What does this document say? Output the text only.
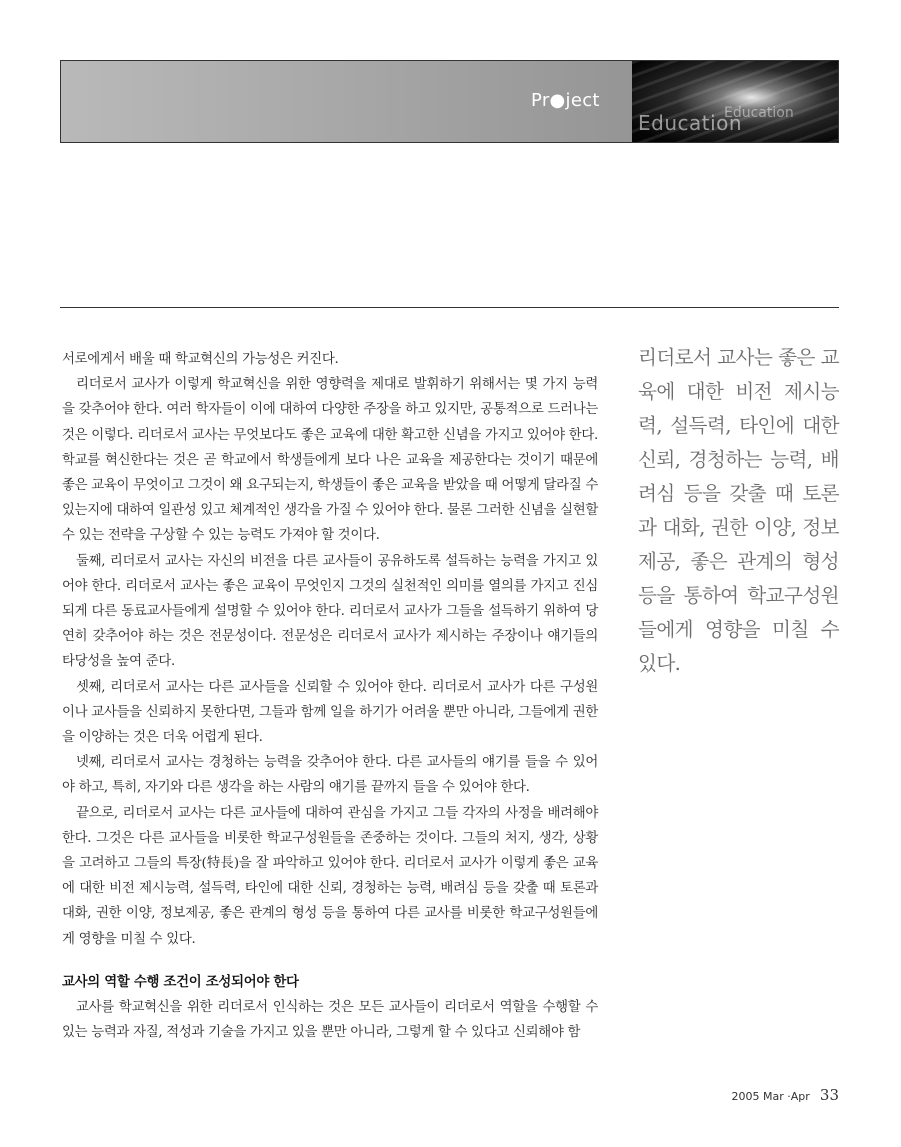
Pr●ject
Education
Education

서로에게서 배울 때 학교혁신의 가능성은 커진다.

리더로서 교사가 이렇게 학교혁신을 위한 영향력을 제대로 발휘하기 위해서는 몇 가지 능력을 갖추어야 한다. 여러 학자들이 이에 대하여 다양한 주장을 하고 있지만, 공통적으로 드러나는 것은 이렇다. 리더로서 교사는 무엇보다도 좋은 교육에 대한 확고한 신념을 가지고 있어야 한다. 학교를 혁신한다는 것은 곧 학교에서 학생들에게 보다 나은 교육을 제공한다는 것이기 때문에 좋은 교육이 무엇이고 그것이 왜 요구되는지, 학생들이 좋은 교육을 받았을 때 어떻게 달라질 수 있는지에 대하여 일관성 있고 체계적인 생각을 가질 수 있어야 한다. 물론 그러한 신념을 실현할 수 있는 전략을 구상할 수 있는 능력도 가져야 할 것이다.

둘째, 리더로서 교사는 자신의 비전을 다른 교사들이 공유하도록 설득하는 능력을 가지고 있어야 한다. 리더로서 교사는 좋은 교육이 무엇인지 그것의 실천적인 의미를 열의를 가지고 진심되게 다른 동료교사들에게 설명할 수 있어야 한다. 리더로서 교사가 그들을 설득하기 위하여 당연히 갖추어야 하는 것은 전문성이다. 전문성은 리더로서 교사가 제시하는 주장이나 얘기들의 타당성을 높여 준다.

셋째, 리더로서 교사는 다른 교사들을 신뢰할 수 있어야 한다. 리더로서 교사가 다른 구성원이나 교사들을 신뢰하지 못한다면, 그들과 함께 일을 하기가 어려울 뿐만 아니라, 그들에게 권한을 이양하는 것은 더욱 어렵게 된다.

넷째, 리더로서 교사는 경청하는 능력을 갖추어야 한다. 다른 교사들의 얘기를 들을 수 있어야 하고, 특히, 자기와 다른 생각을 하는 사람의 얘기를 끝까지 들을 수 있어야 한다.

끝으로, 리더로서 교사는 다른 교사들에 대하여 관심을 가지고 그들 각자의 사정을 배려해야 한다. 그것은 다른 교사들을 비롯한 학교구성원들을 존중하는 것이다. 그들의 처지, 생각, 상황을 고려하고 그들의 특장(特長)을 잘 파악하고 있어야 한다. 리더로서 교사가 이렇게 좋은 교육에 대한 비전 제시능력, 설득력, 타인에 대한 신뢰, 경청하는 능력, 배려심 등을 갖출 때 토론과 대화, 권한 이양, 정보제공, 좋은 관계의 형성 등을 통하여 다른 교사를 비롯한 학교구성원들에게 영향을 미칠 수 있다.

교사의 역할 수행 조건이 조성되어야 한다

교사를 학교혁신을 위한 리더로서 인식하는 것은 모든 교사들이 리더로서 역할을 수행할 수 있는 능력과 자질, 적성과 기술을 가지고 있을 뿐만 아니라, 그렇게 할 수 있다고 신뢰해야 함

리더로서 교사는 좋은 교육에 대한 비전 제시능력, 설득력, 타인에 대한 신뢰, 경청하는 능력, 배려심 등을 갖출 때 토론과 대화, 권한 이양, 정보제공, 좋은 관계의 형성 등을 통하여 학교구성원들에게 영향을 미칠 수 있다.

2005 Mar ·Apr 33
